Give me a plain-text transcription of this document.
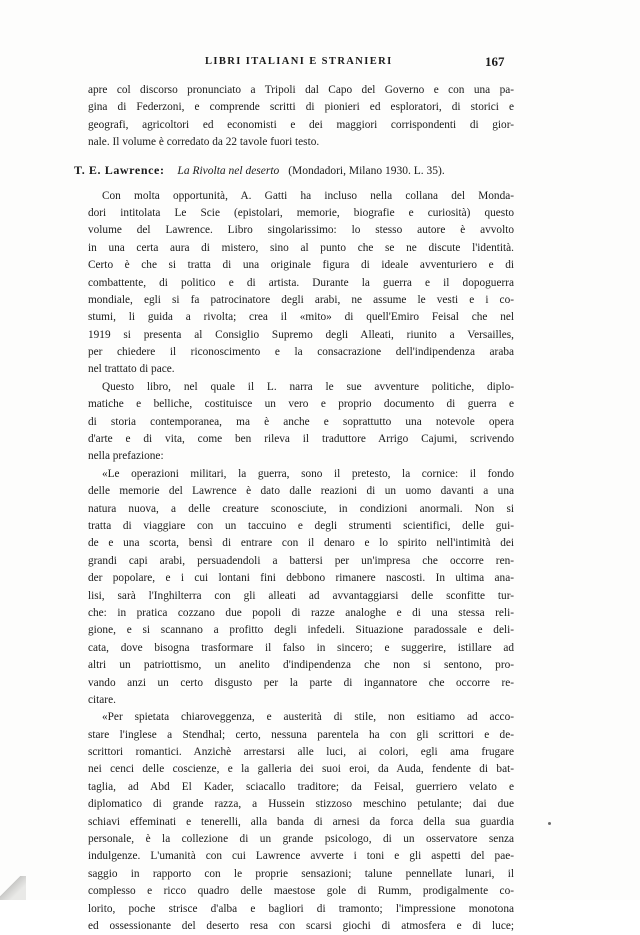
LIBRI ITALIANI E STRANIERI	167
apre col discorso pronunciato a Tripoli dal Capo del Governo e con una pa-
gina di Federzoni, e comprende scritti di pionieri ed esploratori, di storici e
geografi, agricoltori ed economisti e dei maggiori corrispondenti di gior-
nale. Il volume è corredato da 22 tavole fuori testo.
T. E. Lawrence: La Rivolta nel deserto (Mondadori, Milano 1930. L. 35).
Con molta opportunità, A. Gatti ha incluso nella collana del Monda-
dori intitolata Le Scie (epistolari, memorie, biografie e curiosità) questo
volume del Lawrence. Libro singolarissimo: lo stesso autore è avvolto
in una certa aura di mistero, sino al punto che se ne discute l'identità.
Certo è che si tratta di una originale figura di ideale avventuriero e di
combattente, di politico e di artista. Durante la guerra e il dopoguerra
mondiale, egli si fa patrocinatore degli arabi, ne assume le vesti e i co-
stumi, li guida a rivolta; crea il «mito» di quell'Emiro Feisal che nel
1919 si presenta al Consiglio Supremo degli Alleati, riunito a Versailles,
per chiedere il riconoscimento e la consacrazione dell'indipendenza araba
nel trattato di pace.
Questo libro, nel quale il L. narra le sue avventure politiche, diplo-
matiche e belliche, costituisce un vero e proprio documento di guerra e
di storia contemporanea, ma è anche e soprattutto una notevole opera
d'arte e di vita, come ben rileva il traduttore Arrigo Cajumi, scrivendo
nella prefazione:
«Le operazioni militari, la guerra, sono il pretesto, la cornice: il fondo
delle memorie del Lawrence è dato dalle reazioni di un uomo davanti a una
natura nuova, a delle creature sconosciute, in condizioni anormali. Non si
tratta di viaggiare con un taccuino e degli strumenti scientifici, delle gui-
de e una scorta, bensì di entrare con il denaro e lo spirito nell'intimità dei
grandi capi arabi, persuadendoli a battersi per un'impresa che occorre ren-
der popolare, e i cui lontani fini debbono rimanere nascosti. In ultima ana-
lisi, sarà l'Inghilterra con gli alleati ad avvantaggiarsi delle sconfitte tur-
che: in pratica cozzano due popoli di razze analoghe e di una stessa reli-
gione, e si scannano a profitto degli infedeli. Situazione paradossale e deli-
cata, dove bisogna trasformare il falso in sincero; e suggerire, istillare ad
altri un patriottismo, un anelito d'indipendenza che non si sentono, pro-
vando anzi un certo disgusto per la parte di ingannatore che occorre re-
citare.
«Per spietata chiaroveggenza, e austerità di stile, non esitiamo ad acco-
stare l'inglese a Stendhal; certo, nessuna parentela ha con gli scrittori e de-
scrittori romantici. Anzichè arrestarsi alle luci, ai colori, egli ama frugare
nei cenci delle coscienze, e la galleria dei suoi eroi, da Auda, fendente di bat-
taglia, ad Abd El Kader, sciacallo traditore; da Feisal, guerriero velato e
diplomatico di grande razza, a Hussein stizzoso meschino petulante; dai due
schiavi effeminati e tenerelli, alla banda di arnesi da forca della sua guardia
personale, è la collezione di un grande psicologo, di un osservatore senza
indulgenze. L'umanità con cui Lawrence avverte i toni e gli aspetti del pae-
saggio in rapporto con le proprie sensazioni; talune pennellate lunari, il
complesso e ricco quadro delle maestose gole di Rumm, prodigalmente co-
lorito, poche strisce d'alba e bagliori di tramonto; l'impressione monotona
ed ossessionante del deserto resa con scarsi giochi di atmosfera e di luce;
